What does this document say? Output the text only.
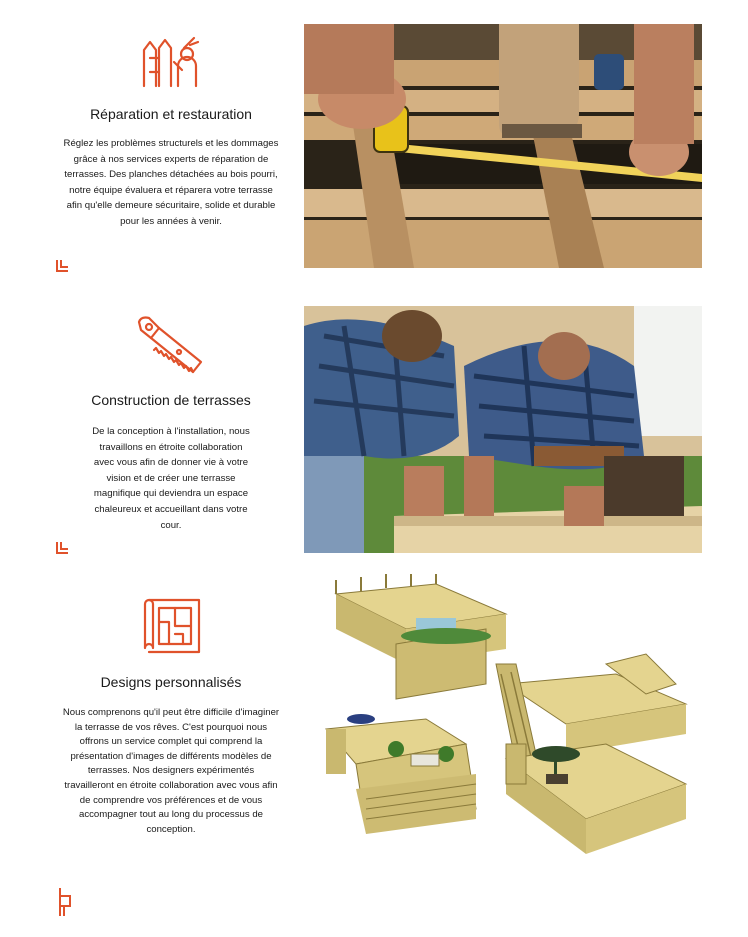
Réparation et restauration

Réglez les problèmes structurels et les dommages grâce à nos services experts de réparation de terrasses. Des planches détachées au bois pourri, notre équipe évaluera et réparera votre terrasse afin qu'elle demeure sécuritaire, solide et durable pour les années à venir.

Construction de terrasses

De la conception à l'installation, nous travaillons en étroite collaboration avec vous afin de donner vie à votre vision et de créer une terrasse magnifique qui deviendra un espace chaleureux et accueillant dans votre cour.

Designs personnalisés

Nous comprenons qu'il peut être difficile d'imaginer la terrasse de vos rêves. C'est pourquoi nous offrons un service complet qui comprend la présentation d'images de différents modèles de terrasses. Nos designers expérimentés travailleront en étroite collaboration avec vous afin de comprendre vos préférences et de vous accompagner tout au long du processus de conception.
